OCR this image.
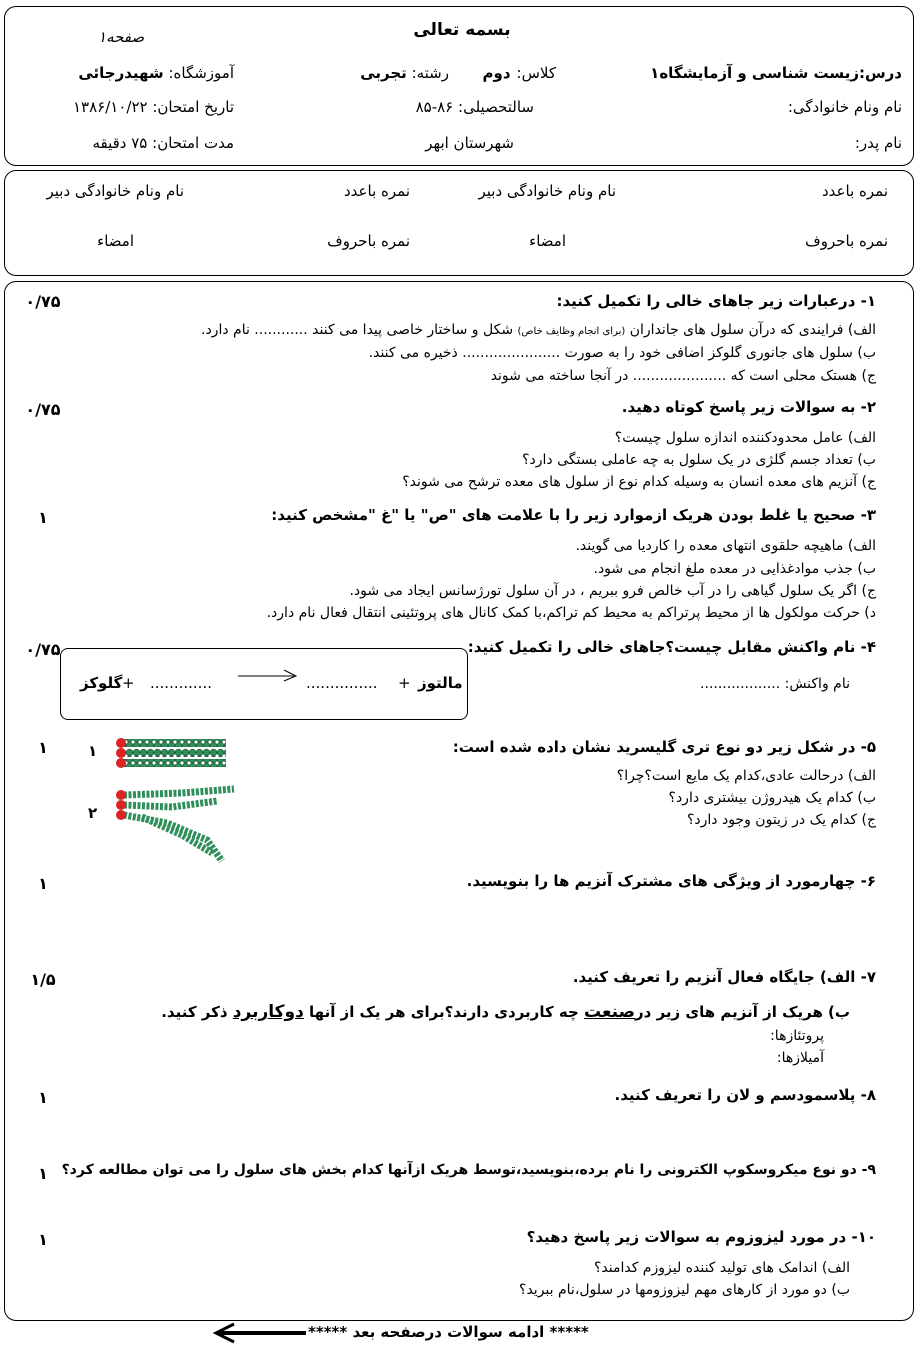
بسمه تعالی
صفحه۱
درس:زیست شناسی و آزمایشگاه۱
کلاس:دوم
رشته: تجربی
آموزشگاه: شهیدرجائی
نام ونام خانوادگی:
سالتحصیلی: ۸۶-۸۵
تاریخ امتحان: ۱۳۸۶/۱۰/۲۲
نام پدر:
شهرستان ابهر
مدت امتحان: ۷۵ دقیقه
نمره باعدد
نام ونام خانوادگی دبیر
نمره باعدد
نام ونام خانوادگی دبیر
نمره باحروف
امضاء
نمره باحروف
امضاء
۱- درعبارات زیر جاهای خالی را تکمیل کنید:
۰/۷۵
الف) فرایندی که درآن سلول های جانداران (برای انجام وظایف خاص) شکل و ساختار خاصی پیدا می کنند ............ نام دارد.
ب) سلول های جانوری گلوکز اضافی خود را به صورت ...................... ذخیره می کنند.
ج) هستک محلی است که ..................... در آنجا ساخته می شوند
۲- به سوالات زیر پاسخ کوتاه دهید.
۰/۷۵
الف) عامل محدودکننده اندازه سلول چیست؟
ب) تعداد جسم گلژی در یک سلول به چه عاملی بستگی دارد؟
ج) آنزیم های معده انسان به وسیله کدام نوع از سلول های معده ترشح می شوند؟
۳- صحیح یا غلط بودن هریک ازموارد زیر را با علامت های "ص" یا "غ "مشخص کنید:
۱
الف) ماهیچه حلقوی انتهای معده را کاردیا می گویند.
ب) جذب موادغذایی در معده ملغ انجام می شود.
ج) اگر یک سلول گیاهی را در آب خالص فرو ببریم ، در آن سلول تورژسانس ایجاد می شود.
د) حرکت مولکول ها از محیط پرتراکم به محیط کم تراکم،با کمک کانال های پروتئینی انتقال فعال نام دارد.
۴- نام واکنش مقابل چیست؟جاهای خالی را تکمیل کنید:
۰/۷۵
نام واکنش: ..................
مالتوز
+
...............
.............
+
گلوکز
۵- در شکل زیر دو نوع تری گلیسرید نشان داده شده است:
۱
الف) درحالت عادی،کدام یک مایع است؟چرا؟
ب) کدام یک هیدروژن بیشتری دارد؟
ج) کدام یک در زیتون وجود دارد؟
۱
۲
۶- چهارمورد از ویژگی های مشترک آنزیم ها را بنویسید.
۱
۷- الف) جایگاه فعال آنزیم را تعریف کنید.
۱/۵
ب) هریک از آنزیم های زیر درصنعت چه کاربردی دارند؟برای هر یک از آنها دوکاربرد ذکر کنید.
پروتئازها:
آمیلازها:
۸- پلاسمودسم و لان را تعریف کنید.
۱
۹- دو نوع میکروسکوپ الکترونی را نام برده،بنویسید،توسط هریک ازآنها کدام بخش های سلول را می توان مطالعه کرد؟
۱
۱۰- در مورد لیزوزوم به سوالات زیر پاسخ دهید؟
۱
الف) اندامک های تولید کننده لیزوزم کدامند؟
ب) دو مورد از کارهای مهم لیزوزومها در سلول،نام ببرید؟
***** ادامه سوالات درصفحه بعد *****
